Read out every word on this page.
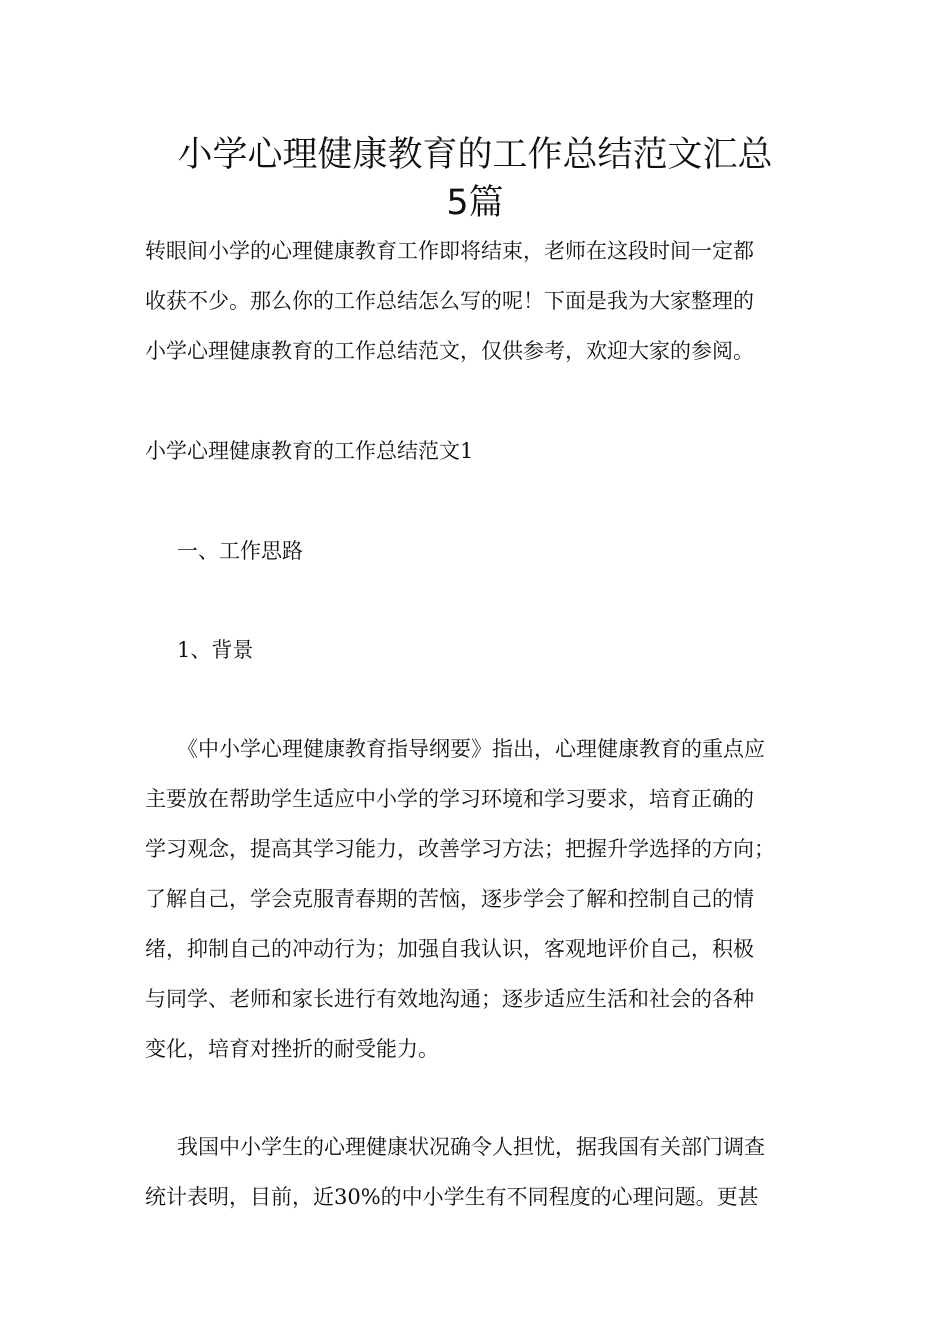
小学心理健康教育的工作总结范文汇总
5篇
转眼间小学的心理健康教育工作即将结束，老师在这段时间一定都
收获不少。那么你的工作总结怎么写的呢！下面是我为大家整理的
小学心理健康教育的工作总结范文，仅供参考，欢迎大家的参阅。
小学心理健康教育的工作总结范文1
一、工作思路
1、背景
《中小学心理健康教育指导纲要》指出，心理健康教育的重点应
主要放在帮助学生适应中小学的学习环境和学习要求，培育正确的
学习观念，提高其学习能力，改善学习方法；把握升学选择的方向；
了解自己，学会克服青春期的苦恼，逐步学会了解和控制自己的情
绪，抑制自己的冲动行为；加强自我认识，客观地评价自己，积极
与同学、老师和家长进行有效地沟通；逐步适应生活和社会的各种
变化，培育对挫折的耐受能力。
我国中小学生的心理健康状况确令人担忧，据我国有关部门调查
统计表明，目前，近30%的中小学生有不同程度的心理问题。更甚
